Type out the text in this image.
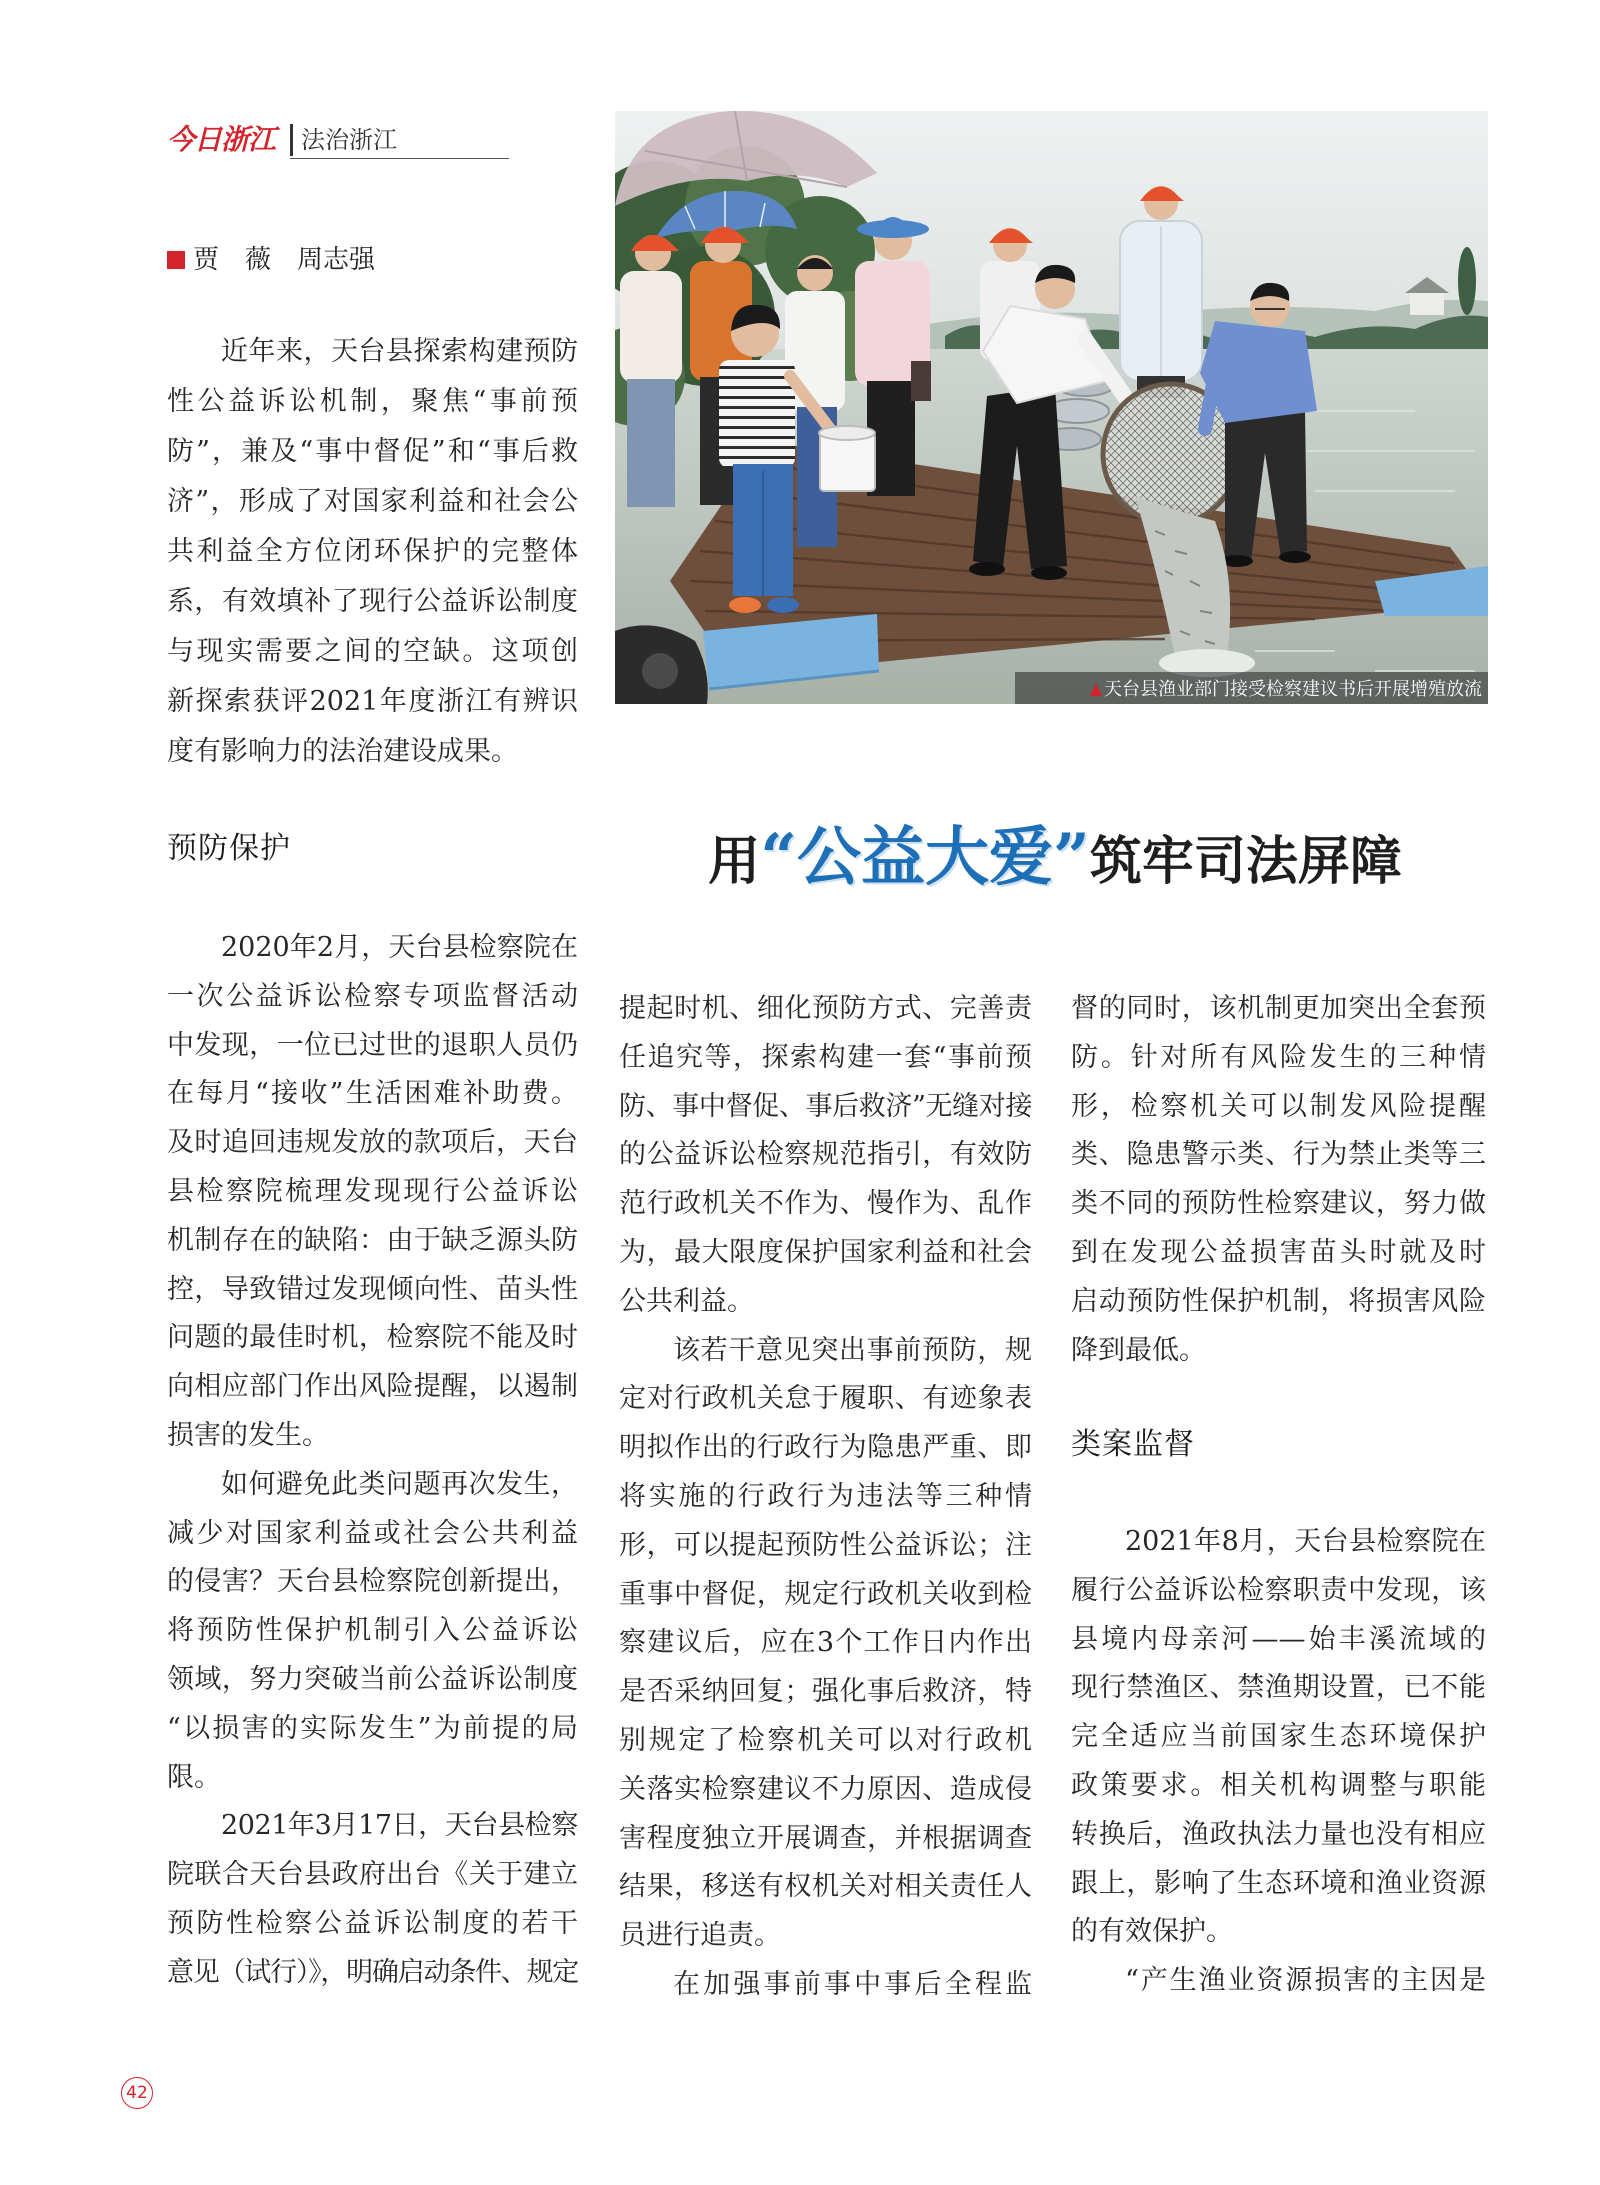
今日浙江	法治浙江
贾　薇　周志强
近年来，天台县探索构建预防
性公益诉讼机制，聚焦“事前预
防”，兼及“事中督促”和“事后救
济”，形成了对国家利益和社会公
共利益全方位闭环保护的完整体
系，有效填补了现行公益诉讼制度
与现实需要之间的空缺。这项创
新探索获评2021年度浙江有辨识
度有影响力的法治建设成果。
▲ 天台县渔业部门接受检察建议书后开展增殖放流
用 “ 公益大爱 ” 筑牢司法屏障
预防保护
2020年2月，天台县检察院在
一次公益诉讼检察专项监督活动
中发现，一位已过世的退职人员仍
在每月“接收”生活困难补助费。
及时追回违规发放的款项后，天台
县检察院梳理发现现行公益诉讼
机制存在的缺陷：由于缺乏源头防
控，导致错过发现倾向性、苗头性
问题的最佳时机，检察院不能及时
向相应部门作出风险提醒，以遏制
损害的发生。
如何避免此类问题再次发生，
减少对国家利益或社会公共利益
的侵害？天台县检察院创新提出，
将预防性保护机制引入公益诉讼
领域，努力突破当前公益诉讼制度
“以损害的实际发生”为前提的局
限。
2021年3月17日，天台县检察
院联合天台县政府出台《关于建立
预防性检察公益诉讼制度的若干
意见（试行）》，明确启动条件、规定
提起时机、细化预防方式、完善责
任追究等，探索构建一套“事前预
防、事中督促、事后救济”无缝对接
的公益诉讼检察规范指引，有效防
范行政机关不作为、慢作为、乱作
为，最大限度保护国家利益和社会
公共利益。
该若干意见突出事前预防，规
定对行政机关怠于履职、有迹象表
明拟作出的行政行为隐患严重、即
将实施的行政行为违法等三种情
形，可以提起预防性公益诉讼；注
重事中督促，规定行政机关收到检
察建议后，应在3个工作日内作出
是否采纳回复；强化事后救济，特
别规定了检察机关可以对行政机
关落实检察建议不力原因、造成侵
害程度独立开展调查，并根据调查
结果，移送有权机关对相关责任人
员进行追责。
在加强事前事中事后全程监
督的同时，该机制更加突出全套预
防。针对所有风险发生的三种情
形，检察机关可以制发风险提醒
类、隐患警示类、行为禁止类等三
类不同的预防性检察建议，努力做
到在发现公益损害苗头时就及时
启动预防性保护机制，将损害风险
降到最低。
类案监督
2021年8月，天台县检察院在
履行公益诉讼检察职责中发现，该
县境内母亲河——始丰溪流域的
现行禁渔区、禁渔期设置，已不能
完全适应当前国家生态环境保护
政策要求。相关机构调整与职能
转换后，渔政执法力量也没有相应
跟上，影响了生态环境和渔业资源
的有效保护。
“产生渔业资源损害的主因是
42
